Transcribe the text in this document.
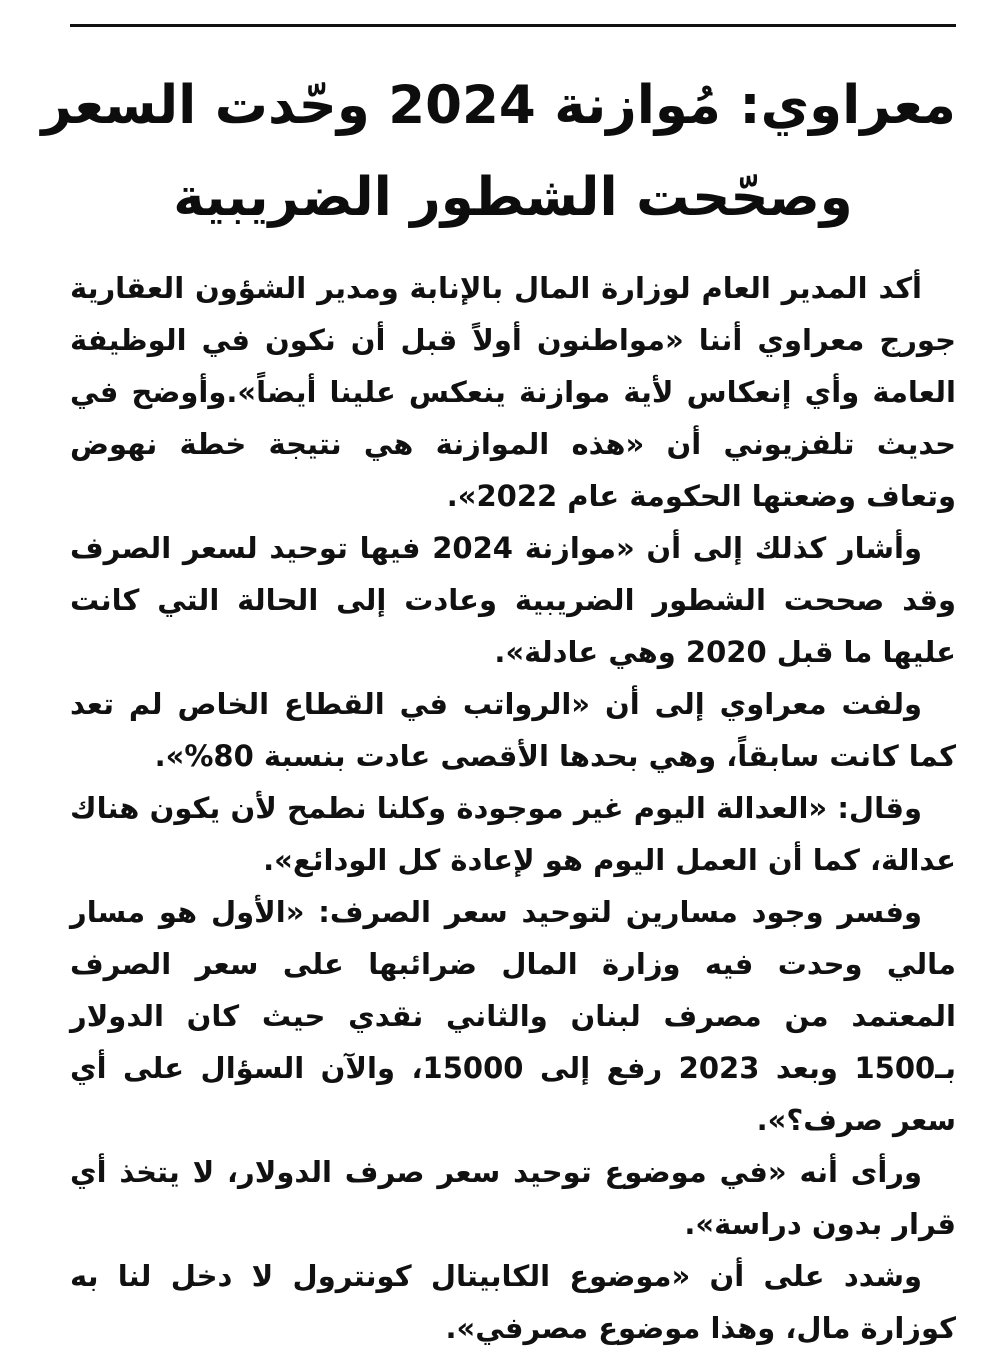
معراوي: مُوازنة 2024 وحّدت السعر
وصحّحت الشطور الضريبية

أكد المدير العام لوزارة المال بالإنابة ومدير الشؤون العقارية جورج معراوي أننا «مواطنون أولاً قبل أن نكون في الوظيفة العامة وأي إنعكاس لأية موازنة ينعكس علينا أيضاً».وأوضح في حديث تلفزيوني أن «هذه الموازنة هي نتيجة خطة نهوض وتعاف وضعتها الحكومة عام 2022».

وأشار كذلك إلى أن «موازنة 2024 فيها توحيد لسعر الصرف وقد صححت الشطور الضريبية وعادت إلى الحالة التي كانت عليها ما قبل 2020 وهي عادلة».

ولفت معراوي إلى أن «الرواتب في القطاع الخاص لم تعد كما كانت سابقاً، وهي بحدها الأقصى عادت بنسبة 80%».

وقال: «العدالة اليوم غير موجودة وكلنا نطمح لأن يكون هناك عدالة، كما أن العمل اليوم هو لإعادة كل الودائع».

وفسر وجود مسارين لتوحيد سعر الصرف: «الأول هو مسار مالي وحدت فيه وزارة المال ضرائبها على سعر الصرف المعتمد من مصرف لبنان والثاني نقدي حيث كان الدولار بـ1500 وبعد 2023 رفع إلى 15000، والآن السؤال على أي سعر صرف؟».

ورأى أنه «في موضوع توحيد سعر صرف الدولار، لا يتخذ أي قرار بدون دراسة».

وشدد على أن «موضوع الكابيتال كونترول لا دخل لنا به كوزارة مال، وهذا موضوع مصرفي».
